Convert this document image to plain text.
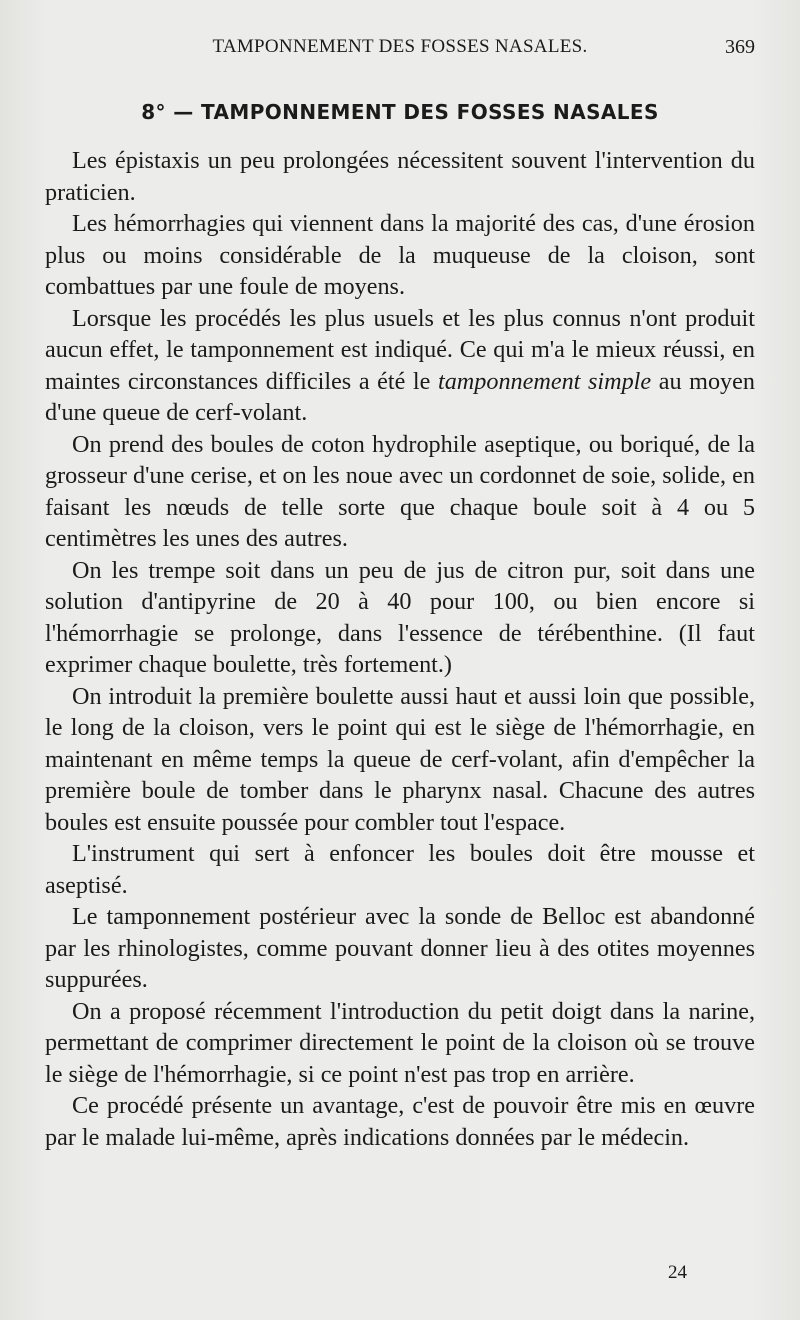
TAMPONNEMENT DES FOSSES NASALES.	369
8° — TAMPONNEMENT DES FOSSES NASALES

Les épistaxis un peu prolongées nécessitent souvent l'intervention du praticien.

Les hémorrhagies qui viennent dans la majorité des cas, d'une érosion plus ou moins considérable de la muqueuse de la cloison, sont combattues par une foule de moyens.

Lorsque les procédés les plus usuels et les plus connus n'ont produit aucun effet, le tamponnement est indiqué. Ce qui m'a le mieux réussi, en maintes circonstances difficiles a été le tamponnement simple au moyen d'une queue de cerf-volant.

On prend des boules de coton hydrophile aseptique, ou boriqué, de la grosseur d'une cerise, et on les noue avec un cordonnet de soie, solide, en faisant les nœuds de telle sorte que chaque boule soit à 4 ou 5 centimètres les unes des autres.

On les trempe soit dans un peu de jus de citron pur, soit dans une solution d'antipyrine de 20 à 40 pour 100, ou bien encore si l'hémorrhagie se prolonge, dans l'essence de térébenthine. (Il faut exprimer chaque boulette, très fortement.)

On introduit la première boulette aussi haut et aussi loin que possible, le long de la cloison, vers le point qui est le siège de l'hémorrhagie, en maintenant en même temps la queue de cerf-volant, afin d'empêcher la première boule de tomber dans le pharynx nasal. Chacune des autres boules est ensuite poussée pour combler tout l'espace.

L'instrument qui sert à enfoncer les boules doit être mousse et aseptisé.

Le tamponnement postérieur avec la sonde de Belloc est abandonné par les rhinologistes, comme pouvant donner lieu à des otites moyennes suppurées.

On a proposé récemment l'introduction du petit doigt dans la narine, permettant de comprimer directement le point de la cloison où se trouve le siège de l'hémorrhagie, si ce point n'est pas trop en arrière.

Ce procédé présente un avantage, c'est de pouvoir être mis en œuvre par le malade lui-même, après indications données par le médecin.

24
